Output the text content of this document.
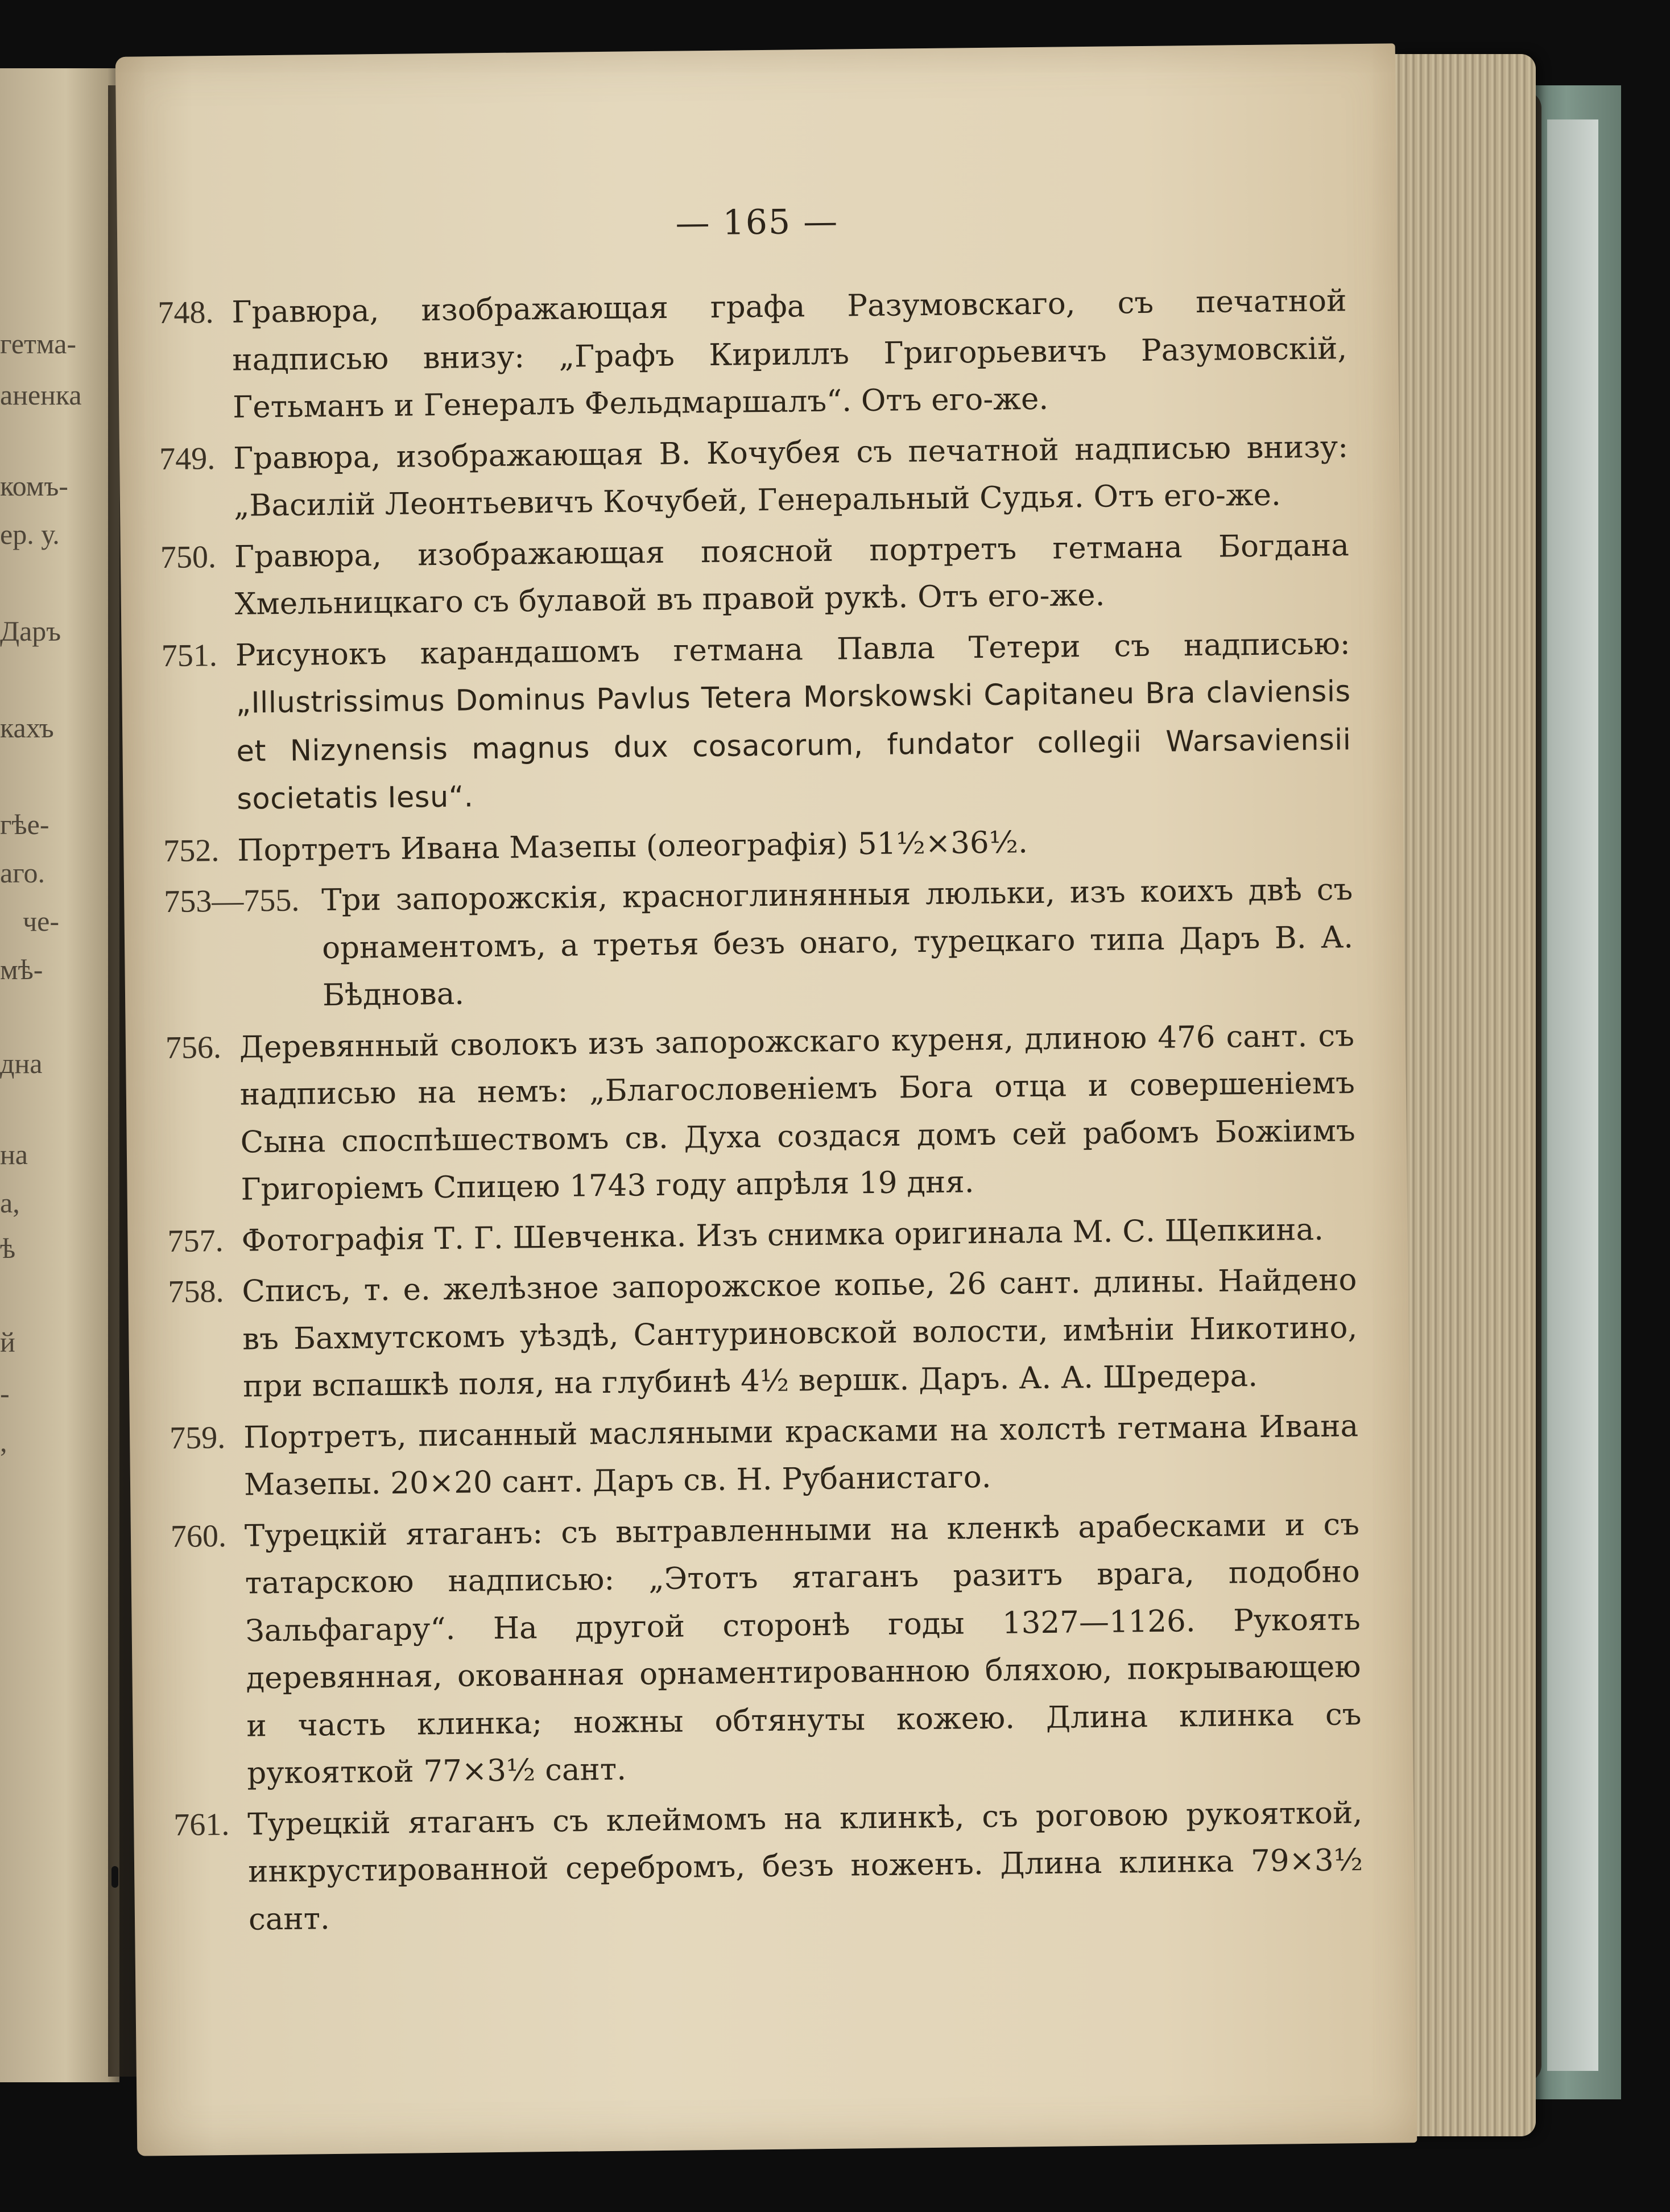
гетма-
аненка
комъ-
ер. у.
Даръ
кахъ
гѣе-
аго.
че-
мѣ-
дна
на
а,
ѣ
й
-
,
— 165 —
748. Гравюра, изображающая графа Разумовскаго, съ печатной надписью внизу: „Графъ Кириллъ Григорьевичъ Разумовскій, Гетьманъ и Генералъ Фельдмаршалъ“. Отъ его-же.
749. Гравюра, изображающая В. Кочубея съ печатной надписью внизу: „Василій Леонтьевичъ Кочубей, Генеральный Судья. Отъ его-же.
750. Гравюра, изображающая поясной портретъ гетмана Богдана Хмельницкаго съ булавой въ правой рукѣ. Отъ его-же.
751. Рисунокъ карандашомъ гетмана Павла Тетери съ надписью: „Illustrissimus Dominus Pavlus Tetera Morskowski Capitaneu Bra claviensis et Nizynensis magnus dux cosacorum, fundator collegii Warsaviensii societatis Iesu“.
752. Портретъ Ивана Мазепы (олеографія) 51½×36½.
753—755. Три запорожскія, красноглинянныя люльки, изъ коихъ двѣ съ орнаментомъ, а третья безъ онаго, турецкаго типа Даръ В. А. Бѣднова.
756. Деревянный сволокъ изъ запорожскаго куреня, длиною 476 сант. съ надписью на немъ: „Благословеніемъ Бога отца и совершеніемъ Сына споспѣшествомъ св. Духа создася домъ сей рабомъ Божіимъ Григоріемъ Спицею 1743 году апрѣля 19 дня.
757. Фотографія Т. Г. Шевченка. Изъ снимка оригинала М. С. Щепкина.
758. Списъ, т. е. желѣзное запорожское копье, 26 сант. длины. Найдено въ Бахмутскомъ уѣздѣ, Сантуриновской волости, имѣніи Никотино, при вспашкѣ поля, на глубинѣ 4½ вершк. Даръ. А. А. Шредера.
759. Портретъ, писанный масляными красками на холстѣ гетмана Ивана Мазепы. 20×20 сант. Даръ св. Н. Рубанистаго.
760. Турецкій ятаганъ: съ вытравленными на кленкѣ арабесками и съ татарскою надписью: „Этотъ ятаганъ разитъ врага, подобно Зальфагару“. На другой сторонѣ годы 1327—1126. Рукоять деревянная, окованная орнаментированною бляхою, покрывающею и часть клинка; ножны обтянуты кожею. Длина клинка съ рукояткой 77×3½ сант.
761. Турецкій ятаганъ съ клеймомъ на клинкѣ, съ роговою рукояткой, инкрустированной серебромъ, безъ ноженъ. Длина клинка 79×3½ сант.
